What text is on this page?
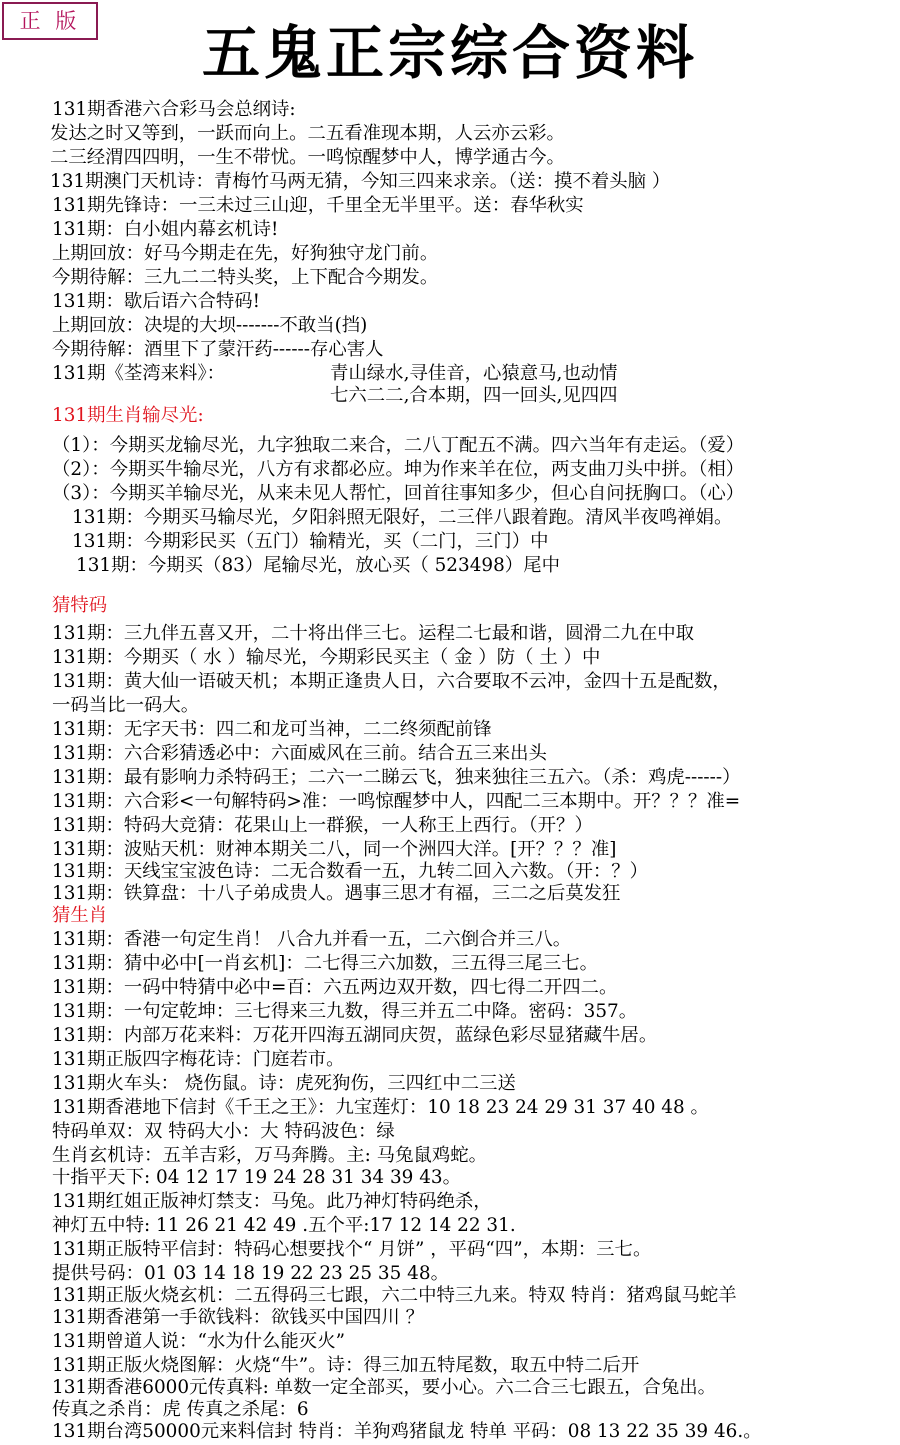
正 版	五鬼正宗综合资料
131期香港六合彩马会总纲诗:
发达之时又等到，一跃而向上。二五看准现本期，人云亦云彩。
二三经渭四四明，一生不带忧。一鸣惊醒梦中人，博学通古今。
131期澳门天机诗：青梅竹马两无猜，今知三四来求亲。（送：摸不着头脑 ）
131期先锋诗：一三未过三山迎，千里全无半里平。送：春华秋实
131期：白小姐内幕玄机诗!
上期回放：好马今期走在先，好狗独守龙门前。
今期待解：三九二二特头奖，上下配合今期发。
131期：歇后语六合特码!
上期回放：决堤的大坝-------不敢当(挡)
今期待解：酒里下了蒙汗药------存心害人
131期《荃湾来料》：	青山绿水,寻佳音，心猿意马,也动情
七六二二,合本期，四一回头,见四四
131期生肖输尽光:
（1）：今期买龙输尽光，九字独取二来合，二八丁配五不满。四六当年有走运。（爱）
（2）：今期买牛输尽光，八方有求都必应。坤为作来羊在位，两支曲刀头中拼。（相）
（3）：今期买羊输尽光，从来未见人帮忙，回首往事知多少，但心自问抚胸口。（心）
131期：今期买马输尽光，夕阳斜照无限好，二三伴八跟着跑。清风半夜鸣禅娟。
131期：今期彩民买（五门）输精光，买（二门，三门）中
131期：今期买（83）尾输尽光，放心买（ 523498）尾中
猜特码
131期：三九伴五喜又开，二十将出伴三七。运程二七最和谐，圆滑二九在中取
131期：今期买（ 水 ）输尽光，今期彩民买主（ 金 ）防（ 土 ）中
131期：黄大仙一语破天机；本期正逢贵人日，六合要取不云冲，金四十五是配数，
一码当比一码大。
131期：无字天书：四二和龙可当神，二二终须配前锋
131期：六合彩猜透必中：六面威风在三前。结合五三来出头
131期：最有影响力杀特码王；二六一二睇云飞，独来独往三五六。（杀：鸡虎------）
131期：六合彩<一句解特码>准：一鸣惊醒梦中人，四配二三本期中。开？？？准=
131期：特码大竞猜：花果山上一群猴，一人称王上西行。（开？）
131期：波贴天机：财神本期关二八，同一个洲四大洋。[开？？？准]
131期：天线宝宝波色诗：二无合数看一五，九转二回入六数。（开：？）
131期：铁算盘：十八子弟成贵人。遇事三思才有福，三二之后莫发狂
猜生肖
131期：香港一句定生肖！ 八合九并看一五，二六倒合并三八。
131期：猜中必中[一肖玄机]：二七得三六加数，三五得三尾三七。
131期：一码中特猜中必中=百：六五两边双开数，四七得二开四二。
131期：一句定乾坤：三七得来三九数，得三并五二中降。密码：357。
131期：内部万花来料：万花开四海五湖同庆贺，蓝绿色彩尽显猪藏牛居。
131期正版四字梅花诗：门庭若市。
131期火车头： 烧伤鼠。诗：虎死狗伤，三四红中二三送
131期香港地下信封《千王之王》：九宝莲灯：10 18 23 24 29 31 37 40 48 。
特码单双：双 特码大小：大 特码波色：绿
生肖玄机诗：五羊吉彩，万马奔腾。主: 马兔鼠鸡蛇。
十指平天下: 04 12 17 19 24 28 31 34 39 43。
131期红姐正版神灯禁支：马兔。此乃神灯特码绝杀，
神灯五中特: 11 26 21 42 49 .五个平:17 12 14 22 31.
131期正版特平信封：特码心想要找个“ 月饼” ，平码“四”，本期：三七。
提供号码：01 03 14 18 19 22 23 25 35 48。
131期正版火烧玄机：二五得码三七跟，六二中特三九来。特双 特肖：猪鸡鼠马蛇羊
131期香港第一手欲钱料：欲钱买中国四川 ？
131期曾道人说：“水为什么能灭火”
131期正版火烧图解：火烧“牛”。诗：得三加五特尾数，取五中特二后开
131期香港6000元传真料: 单数一定全部买，要小心。六二合三七跟五，合兔出。
传真之杀肖：虎 传真之杀尾：6
131期台湾50000元来料信封 特肖：羊狗鸡猪鼠龙 特单 平码：08 13 22 35 39 46.。
